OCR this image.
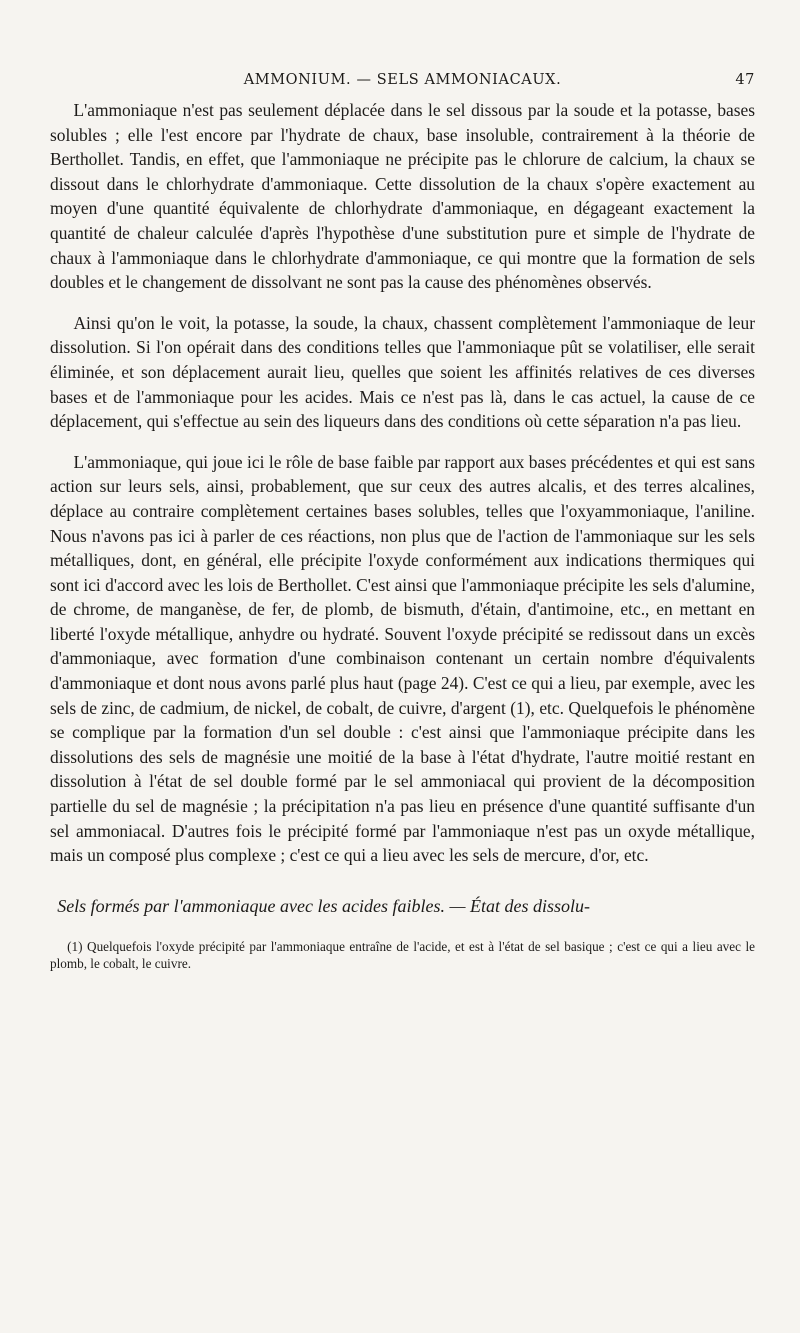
AMMONIUM. — SELS AMMONIACAUX.	47

L'ammoniaque n'est pas seulement déplacée dans le sel dissous par la soude et la potasse, bases solubles ; elle l'est encore par l'hydrate de chaux, base insoluble, contrairement à la théorie de Berthollet. Tandis, en effet, que l'ammoniaque ne précipite pas le chlorure de calcium, la chaux se dissout dans le chlorhydrate d'ammoniaque. Cette dissolution de la chaux s'opère exactement au moyen d'une quantité équivalente de chlorhydrate d'ammoniaque, en dégageant exactement la quantité de chaleur calculée d'après l'hypothèse d'une substitution pure et simple de l'hydrate de chaux à l'ammoniaque dans le chlorhydrate d'ammoniaque, ce qui montre que la formation de sels doubles et le changement de dissolvant ne sont pas la cause des phénomènes observés.

Ainsi qu'on le voit, la potasse, la soude, la chaux, chassent complètement l'ammoniaque de leur dissolution. Si l'on opérait dans des conditions telles que l'ammoniaque pût se volatiliser, elle serait éliminée, et son déplacement aurait lieu, quelles que soient les affinités relatives de ces diverses bases et de l'ammoniaque pour les acides. Mais ce n'est pas là, dans le cas actuel, la cause de ce déplacement, qui s'effectue au sein des liqueurs dans des conditions où cette séparation n'a pas lieu.

L'ammoniaque, qui joue ici le rôle de base faible par rapport aux bases précédentes et qui est sans action sur leurs sels, ainsi, probablement, que sur ceux des autres alcalis, et des terres alcalines, déplace au contraire complètement certaines bases solubles, telles que l'oxyammoniaque, l'aniline. Nous n'avons pas ici à parler de ces réactions, non plus que de l'action de l'ammoniaque sur les sels métalliques, dont, en général, elle précipite l'oxyde conformément aux indications thermiques qui sont ici d'accord avec les lois de Berthollet. C'est ainsi que l'ammoniaque précipite les sels d'alumine, de chrome, de manganèse, de fer, de plomb, de bismuth, d'étain, d'antimoine, etc., en mettant en liberté l'oxyde métallique, anhydre ou hydraté. Souvent l'oxyde précipité se redissout dans un excès d'ammoniaque, avec formation d'une combinaison contenant un certain nombre d'équivalents d'ammoniaque et dont nous avons parlé plus haut (page 24). C'est ce qui a lieu, par exemple, avec les sels de zinc, de cadmium, de nickel, de cobalt, de cuivre, d'argent (1), etc. Quelquefois le phénomène se complique par la formation d'un sel double : c'est ainsi que l'ammoniaque précipite dans les dissolutions des sels de magnésie une moitié de la base à l'état d'hydrate, l'autre moitié restant en dissolution à l'état de sel double formé par le sel ammoniacal qui provient de la décomposition partielle du sel de magnésie ; la précipitation n'a pas lieu en présence d'une quantité suffisante d'un sel ammoniacal. D'autres fois le précipité formé par l'ammoniaque n'est pas un oxyde métallique, mais un composé plus complexe ; c'est ce qui a lieu avec les sels de mercure, d'or, etc.

Sels formés par l'ammoniaque avec les acides faibles. — État des dissolu-

(1) Quelquefois l'oxyde précipité par l'ammoniaque entraîne de l'acide, et est à l'état de sel basique ; c'est ce qui a lieu avec le plomb, le cobalt, le cuivre.
